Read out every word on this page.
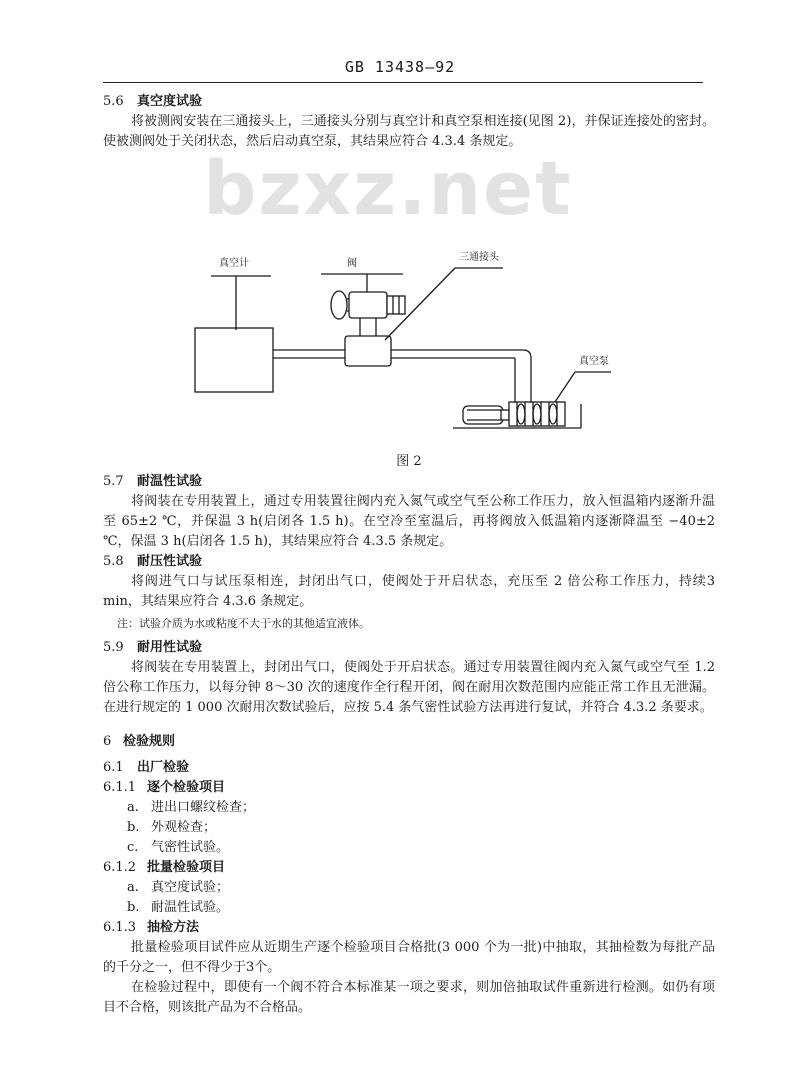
GB 13438—92
bzxz.net

5.6 真空度试验

将被测阀安装在三通接头上，三通接头分别与真空计和真空泵相连接(见图 2)，并保证连接处的密封。使被测阀处于关闭状态，然后启动真空泵，其结果应符合 4.3.4 条规定。

真空计	阀
三通接头
真空泵

图 2

5.7 耐温性试验

将阀装在专用装置上，通过专用装置往阀内充入氮气或空气至公称工作压力，放入恒温箱内逐渐升温至 65±2 ℃，并保温 3 h(启闭各 1.5 h)。在空冷至室温后，再将阀放入低温箱内逐渐降温至 −40±2 ℃，保温 3 h(启闭各 1.5 h)，其结果应符合 4.3.5 条规定。

5.8 耐压性试验

将阀进气口与试压泵相连，封闭出气口，使阀处于开启状态，充压至 2 倍公称工作压力，持续3 min，其结果应符合 4.3.6 条规定。

注：试验介质为水或粘度不大于水的其他适宜液体。

5.9 耐用性试验

将阀装在专用装置上，封闭出气口，使阀处于开启状态。通过专用装置往阀内充入氮气或空气至 1.2 倍公称工作压力，以每分钟 8～30 次的速度作全行程开闭，阀在耐用次数范围内应能正常工作且无泄漏。在进行规定的 1 000 次耐用次数试验后，应按 5.4 条气密性试验方法再进行复试，并符合 4.3.2 条要求。

6 检验规则

6.1 出厂检验

6.1.1 逐个检验项目

a. 进出口螺纹检查；

b. 外观检查；

c. 气密性试验。

6.1.2 批量检验项目

a. 真空度试验；

b. 耐温性试验。

6.1.3 抽检方法

批量检验项目试件应从近期生产逐个检验项目合格批(3 000 个为一批)中抽取，其抽检数为每批产品的千分之一，但不得少于3个。

在检验过程中，即使有一个阀不符合本标准某一项之要求，则加倍抽取试件重新进行检测。如仍有项目不合格，则该批产品为不合格品。
